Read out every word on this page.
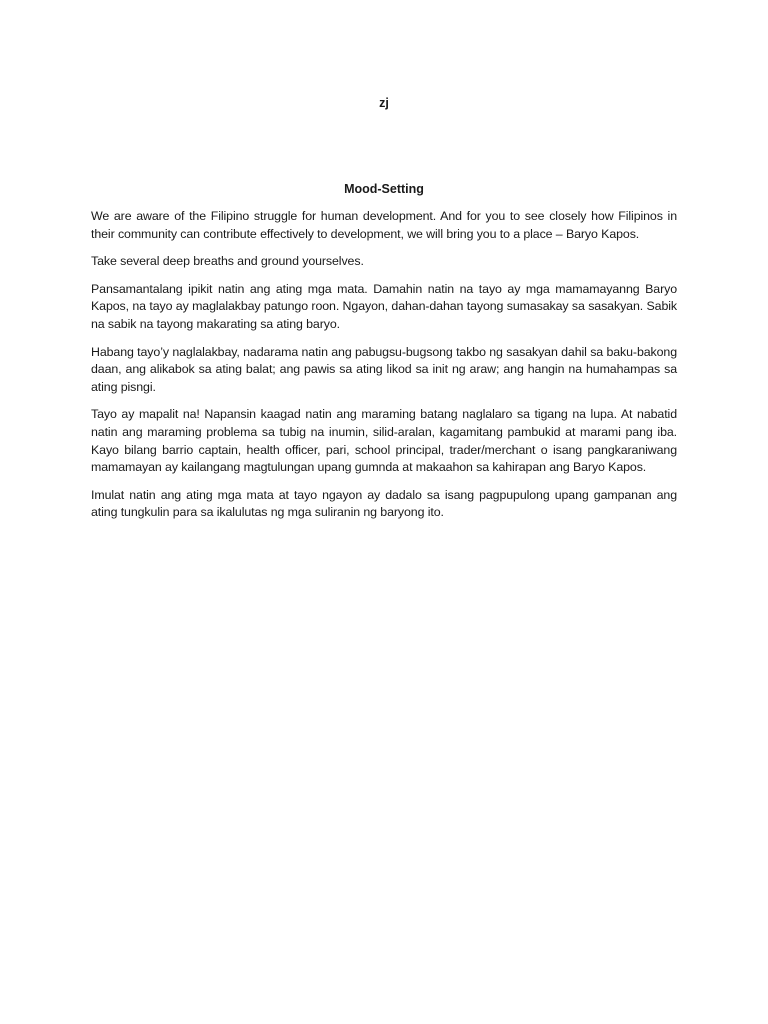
zj
Mood-Setting

We are aware of the Filipino struggle for human development. And for you to see closely how Filipinos in their community can contribute effectively to development, we will bring you to a place – Baryo Kapos.

Take several deep breaths and ground yourselves.

Pansamantalang ipikit natin ang ating mga mata. Damahin natin na tayo ay mga mamamayanng Baryo Kapos, na tayo ay maglalakbay patungo roon. Ngayon, dahan-dahan tayong sumasakay sa sasakyan. Sabik na sabik na tayong makarating sa ating baryo.

Habang tayo’y naglalakbay, nadarama natin ang pabugsu-bugsong takbo ng sasakyan dahil sa baku-bakong daan, ang alikabok sa ating balat; ang pawis sa ating likod sa init ng araw; ang hangin na humahampas sa ating pisngi.

Tayo ay mapalit na! Napansin kaagad natin ang maraming batang naglalaro sa tigang na lupa. At nabatid natin ang maraming problema sa tubig na inumin, silid-aralan, kagamitang pambukid at marami pang iba. Kayo bilang barrio captain, health officer, pari, school principal, trader/merchant o isang pangkaraniwang mamamayan ay kailangang magtulungan upang gumnda at makaahon sa kahirapan ang Baryo Kapos.

Imulat natin ang ating mga mata at tayo ngayon ay dadalo sa isang pagpupulong upang gampanan ang ating tungkulin para sa ikalulutas ng mga suliranin ng baryong ito.
